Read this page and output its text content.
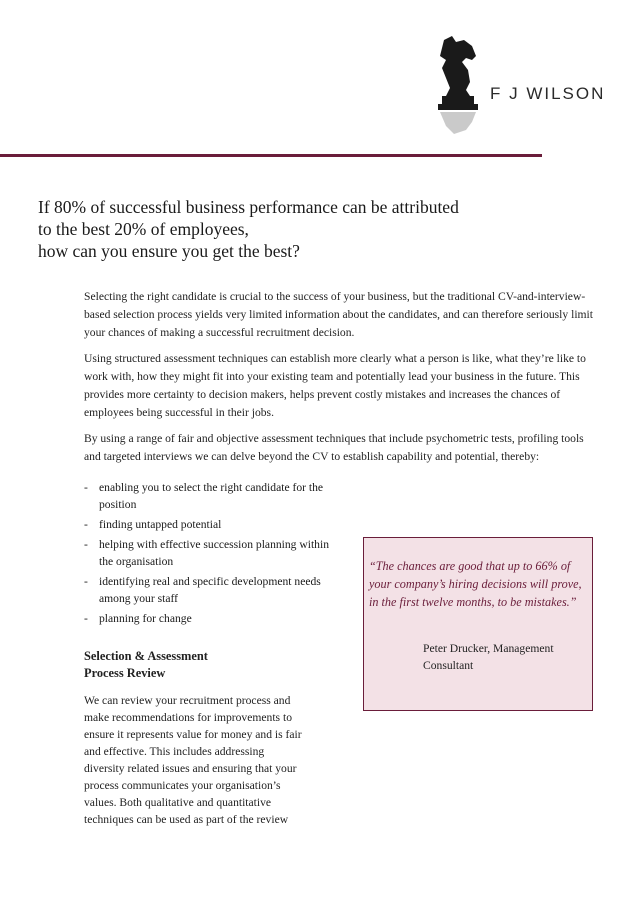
F J WILSON
If 80% of successful business performance can be attributed
to the best 20% of employees,
how can you ensure you get the best?

Selecting the right candidate is crucial to the success of your business, but the traditional CV-and-interview-based selection process yields very limited information about the candidates, and can therefore seriously limit your chances of making a successful recruitment decision.

Using structured assessment techniques can establish more clearly what a person is like, what they’re like to work with, how they might fit into your existing team and potentially lead your business in the future. This provides more certainty to decision makers, helps prevent costly mistakes and increases the chances of employees being successful in their jobs.

By using a range of fair and objective assessment techniques that include psychometric tests, profiling tools and targeted interviews we can delve beyond the CV to establish capability and potential, thereby:

- enabling you to select the right candidate for the position
- finding untapped potential
- helping with effective succession planning within the organisation
- identifying real and specific development needs among your staff
- planning for change
Selection & Assessment
Process Review
We can review your recruitment process and make recommendations for improvements to ensure it represents value for money and is fair and effective. This includes addressing diversity related issues and ensuring that your process communicates your organisation’s values. Both qualitative and quantitative techniques can be used as part of the review
“The chances are good that up to 66% of your company’s hiring decisions will prove, in the first twelve months, to be mistakes.”
Peter Drucker, Management Consultant
